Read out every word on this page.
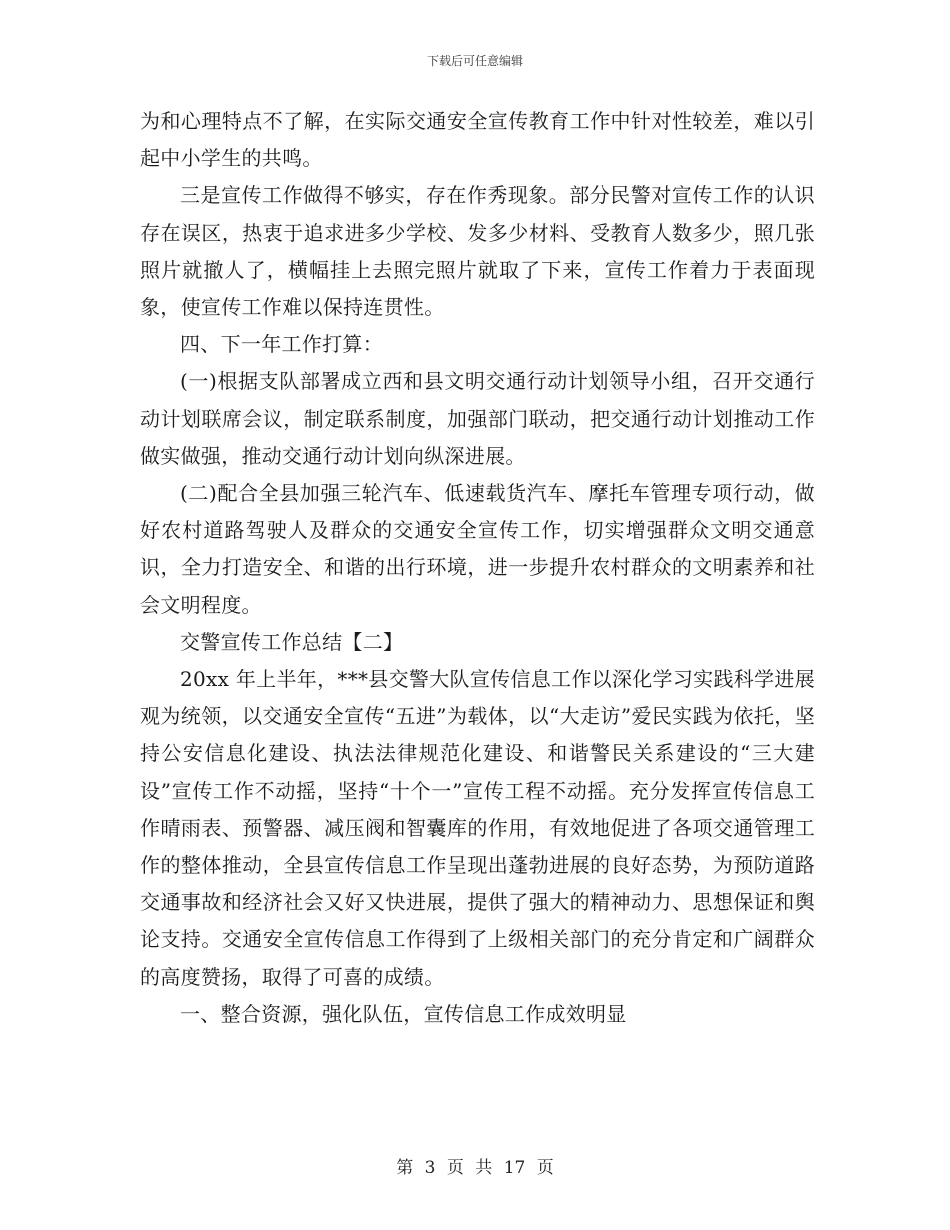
下载后可任意编辑

为和心理特点不了解，在实际交通安全宣传教育工作中针对性较差，难以引起中小学生的共鸣。

三是宣传工作做得不够实，存在作秀现象。部分民警对宣传工作的认识存在误区，热衷于追求进多少学校、发多少材料、受教育人数多少，照几张照片就撤人了，横幅挂上去照完照片就取了下来，宣传工作着力于表面现象，使宣传工作难以保持连贯性。

四、下一年工作打算：

(一)根据支队部署成立西和县文明交通行动计划领导小组，召开交通行动计划联席会议，制定联系制度，加强部门联动，把交通行动计划推动工作做实做强，推动交通行动计划向纵深进展。

(二)配合全县加强三轮汽车、低速载货汽车、摩托车管理专项行动，做好农村道路驾驶人及群众的交通安全宣传工作，切实增强群众文明交通意识，全力打造安全、和谐的出行环境，进一步提升农村群众的文明素养和社会文明程度。

交警宣传工作总结【二】

20xx 年上半年，***县交警大队宣传信息工作以深化学习实践科学进展观为统领，以交通安全宣传“五进”为载体，以“大走访”爱民实践为依托，坚持公安信息化建设、执法法律规范化建设、和谐警民关系建设的“三大建设”宣传工作不动摇，坚持“十个一”宣传工程不动摇。充分发挥宣传信息工作晴雨表、预警器、减压阀和智囊库的作用，有效地促进了各项交通管理工作的整体推动，全县宣传信息工作呈现出蓬勃进展的良好态势，为预防道路交通事故和经济社会又好又快进展，提供了强大的精神动力、思想保证和舆论支持。交通安全宣传信息工作得到了上级相关部门的充分肯定和广阔群众的高度赞扬，取得了可喜的成绩。

一、整合资源，强化队伍，宣传信息工作成效明显

第 3 页 共 17 页
